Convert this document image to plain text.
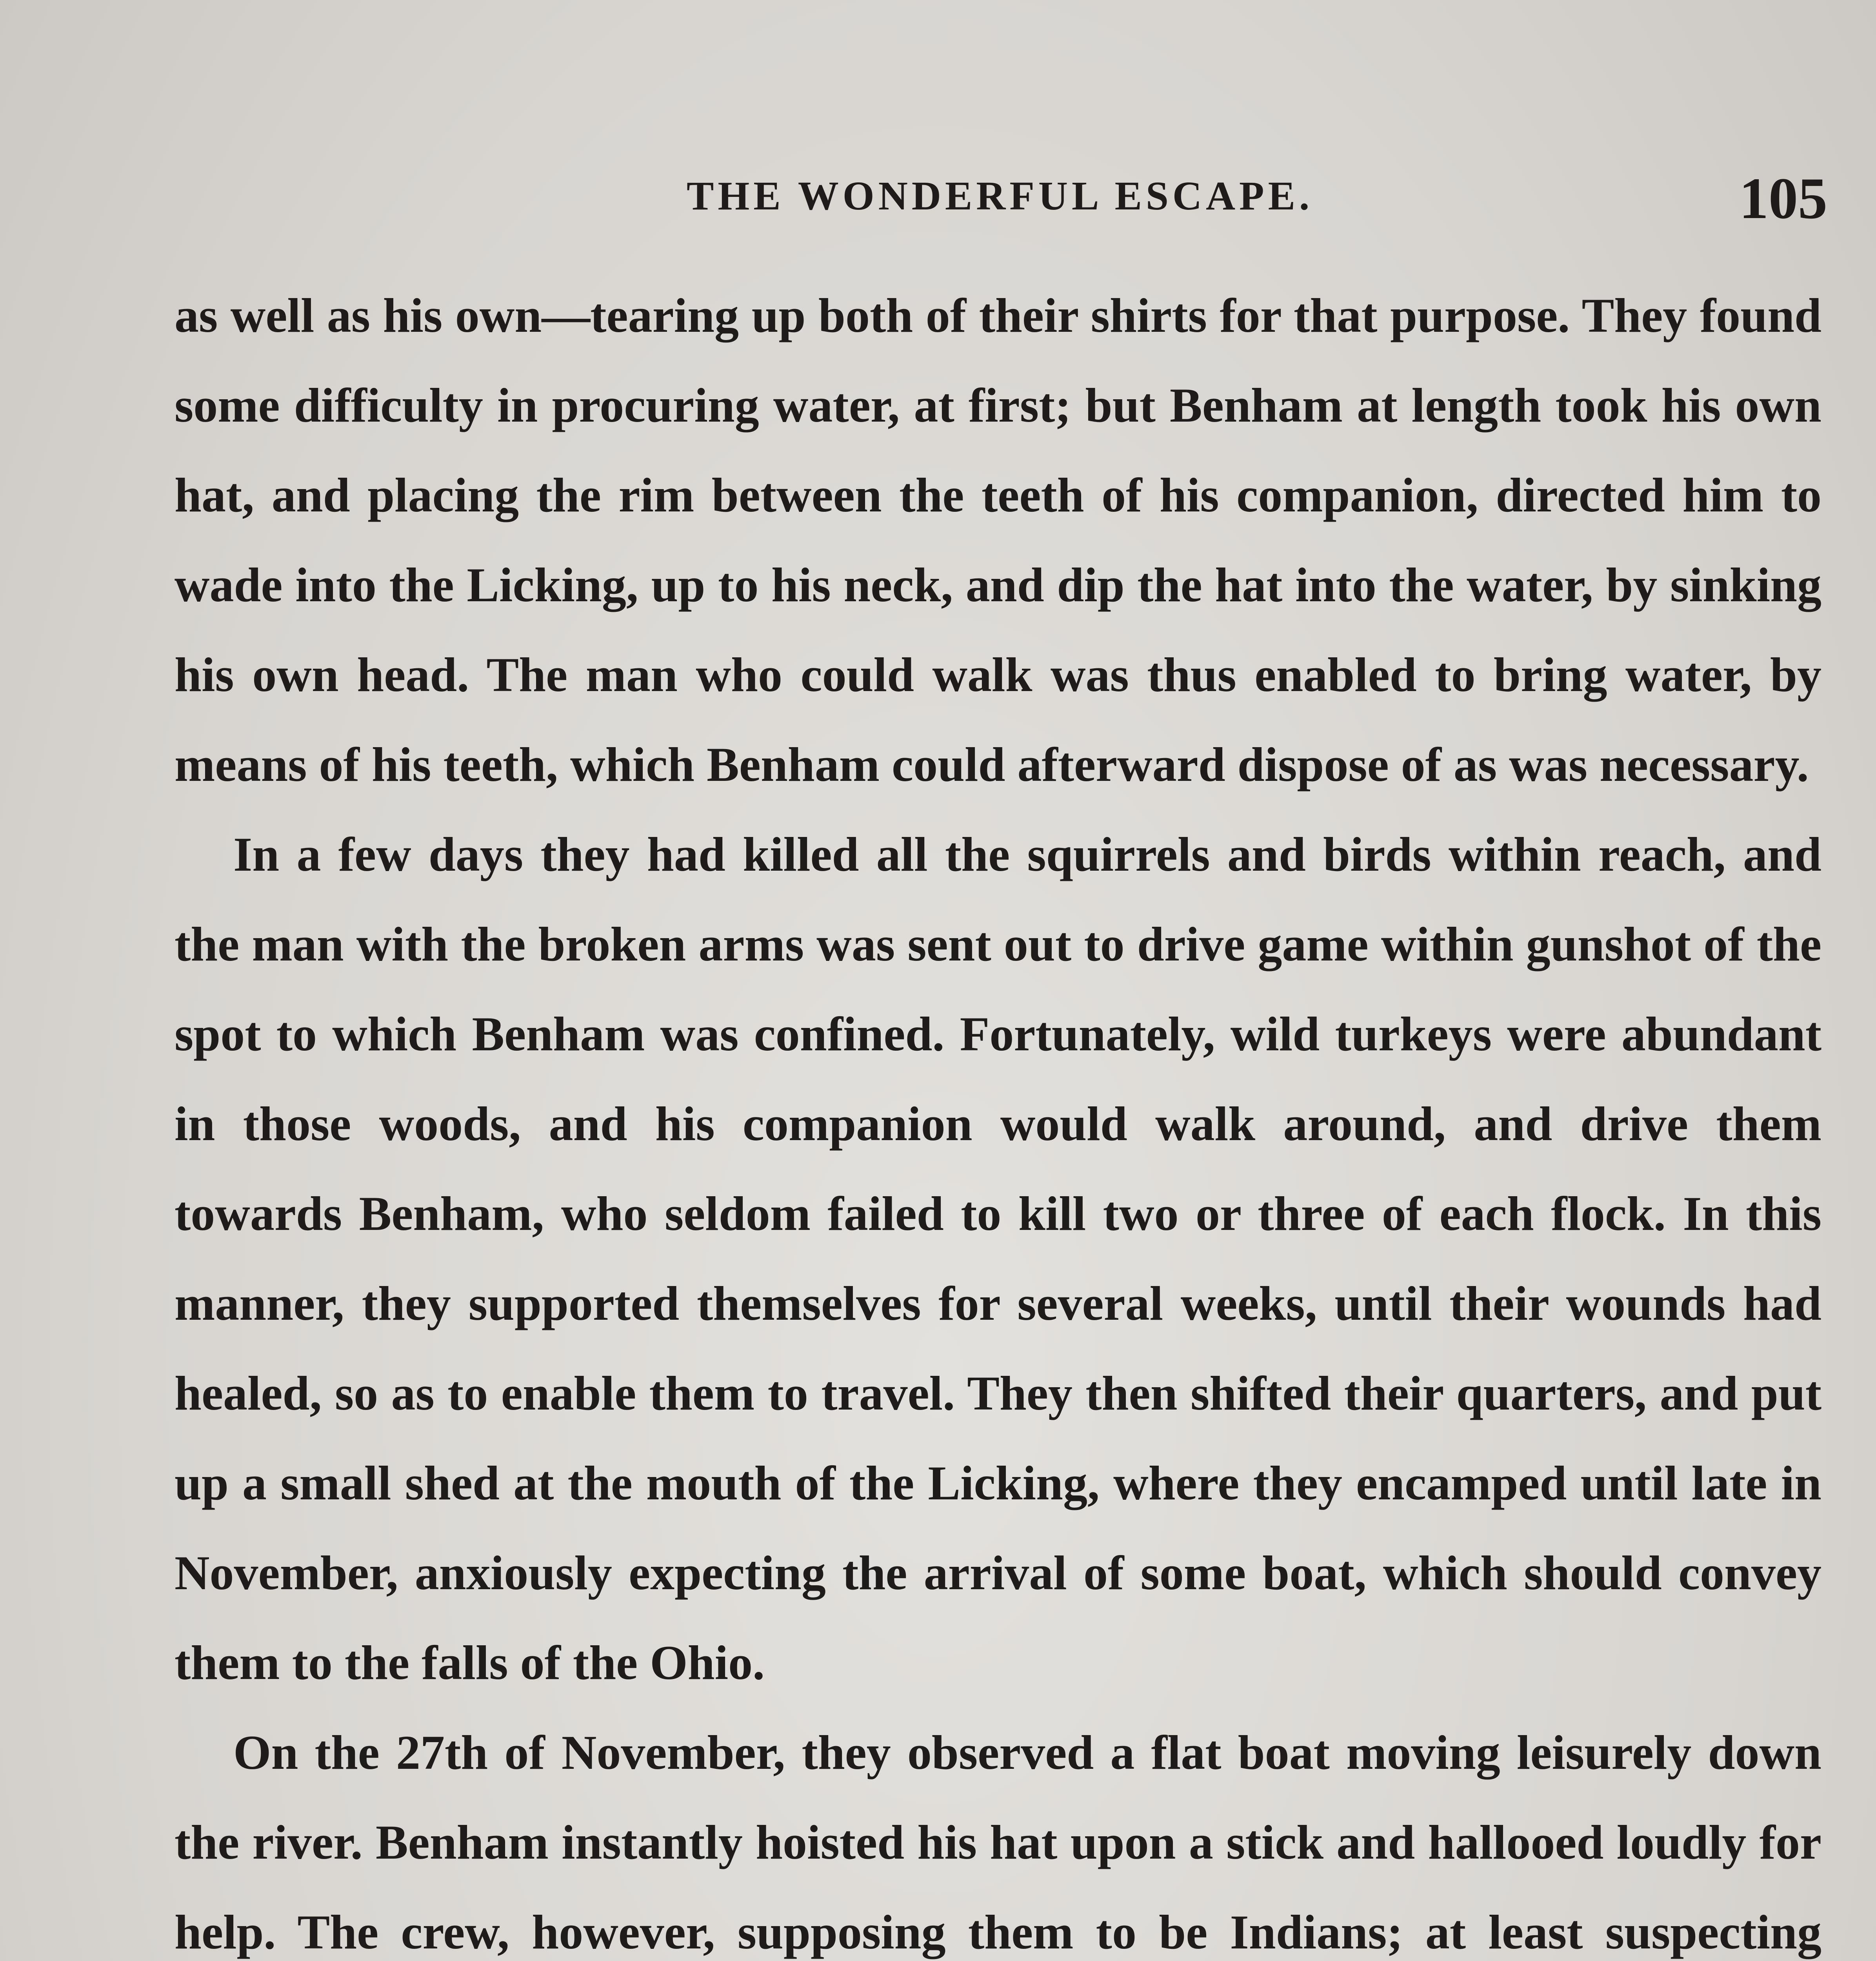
THE WONDERFUL ESCAPE.	105

as well as his own—tearing up both of their shirts for that purpose. They found some difficulty in procuring water, at first; but Benham at length took his own hat, and placing the rim between the teeth of his companion, directed him to wade into the Licking, up to his neck, and dip the hat into the water, by sinking his own head. The man who could walk was thus enabled to bring water, by means of his teeth, which Benham could afterward dispose of as was necessary.

In a few days they had killed all the squirrels and birds within reach, and the man with the broken arms was sent out to drive game within gunshot of the spot to which Benham was confined. Fortunately, wild turkeys were abundant in those woods, and his companion would walk around, and drive them towards Benham, who seldom failed to kill two or three of each flock. In this manner, they supported themselves for several weeks, until their wounds had healed, so as to enable them to travel. They then shifted their quarters, and put up a small shed at the mouth of the Licking, where they encamped until late in November, anxiously expecting the arrival of some boat, which should convey them to the falls of the Ohio.

On the 27th of November, they observed a flat boat moving leisurely down the river. Benham instantly hoisted his hat upon a stick and hallooed loudly for help. The crew, however, supposing them to be Indians; at least suspecting
